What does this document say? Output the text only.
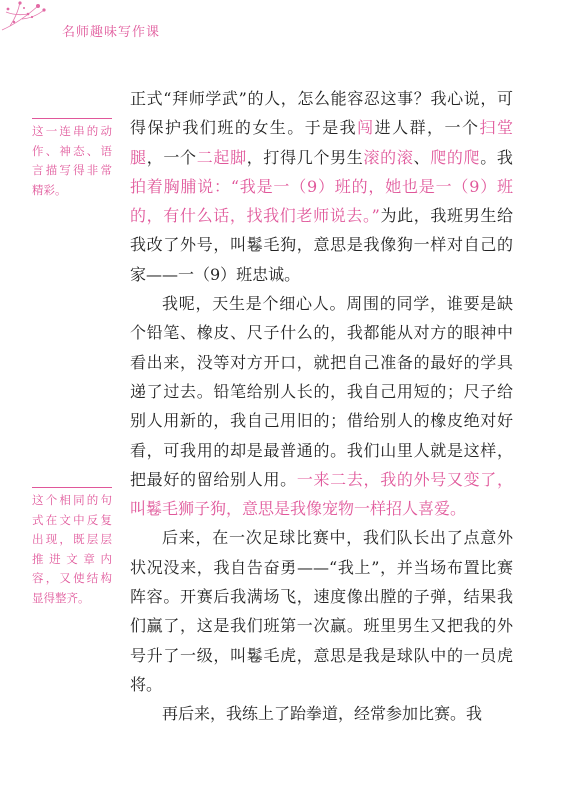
名师趣味写作课
这一连串的动作、神态、语言描写得非常精彩。
这个相同的句式在文中反复出现，既层层推进文章内容，又使结构显得整齐。

正式“拜师学武”的人，怎么能容忍这事？我心说，可得保护我们班的女生。于是我闯进人群，一个扫堂腿，一个二起脚，打得几个男生滚的滚、爬的爬。我拍着胸脯说：“我是一（9）班的，她也是一（9）班的，有什么话，找我们老师说去。”为此，我班男生给我改了外号，叫鬈毛狗，意思是我像狗一样对自己的家——一（9）班忠诚。

我呢，天生是个细心人。周围的同学，谁要是缺个铅笔、橡皮、尺子什么的，我都能从对方的眼神中看出来，没等对方开口，就把自己准备的最好的学具递了过去。铅笔给别人长的，我自己用短的；尺子给别人用新的，我自己用旧的；借给别人的橡皮绝对好看，可我用的却是最普通的。我们山里人就是这样，把最好的留给别人用。一来二去，我的外号又变了，叫鬈毛狮子狗，意思是我像宠物一样招人喜爱。

后来，在一次足球比赛中，我们队长出了点意外状况没来，我自告奋勇——“我上”，并当场布置比赛阵容。开赛后我满场飞，速度像出膛的子弹，结果我们赢了，这是我们班第一次赢。班里男生又把我的外号升了一级，叫鬈毛虎，意思是我是球队中的一员虎将。

再后来，我练上了跆拳道，经常参加比赛。我
